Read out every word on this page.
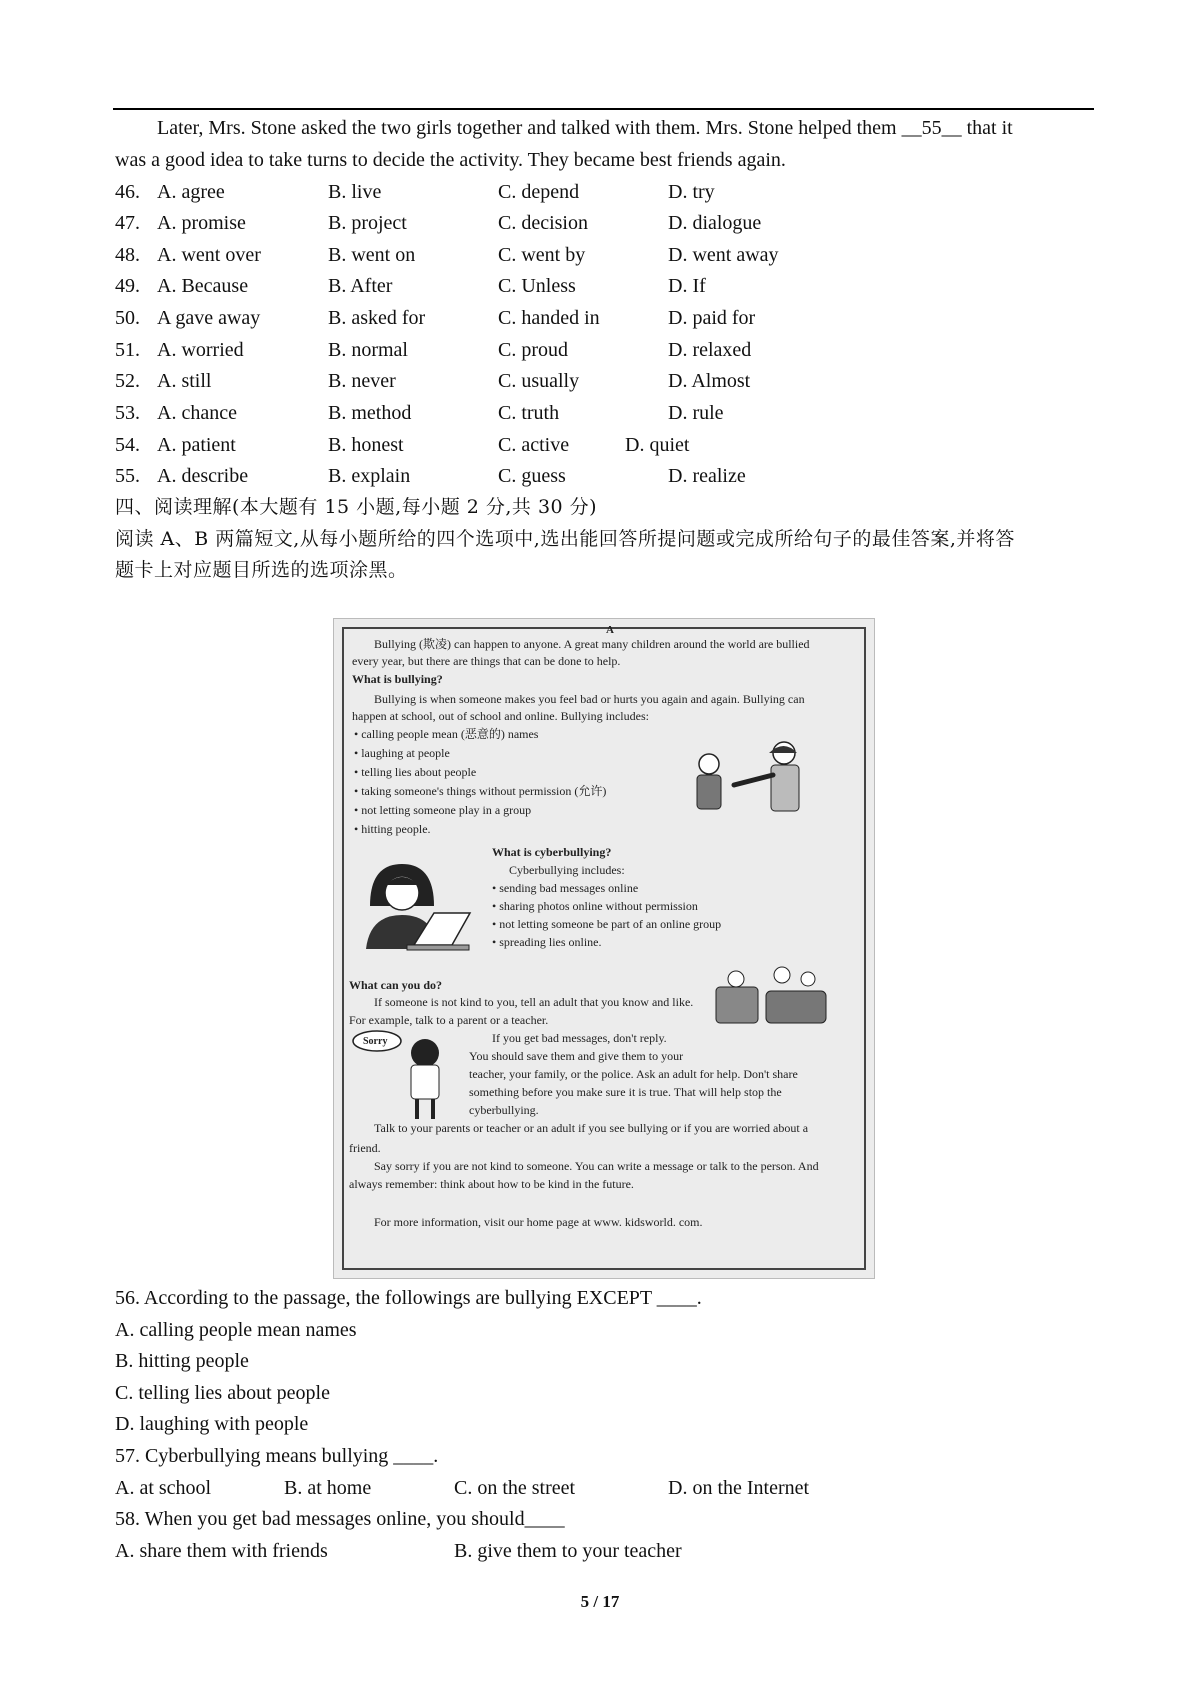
Later, Mrs. Stone asked the two girls together and talked with them. Mrs. Stone helped them __55__ that it
was a good idea to take turns to decide the activity. They became best friends again.
46. A. agree	B. live	C. depend	D. try
47. A. promise	B. project	C. decision	D. dialogue
48. A. went over	B. went on	C. went by	D. went away
49. A. Because	B. After	C. Unless	D. If
50. A gave away	B. asked for	C. handed in	D. paid for
51. A. worried	B. normal	C. proud	D. relaxed
52. A. still	B. never	C. usually	D. Almost
53. A. chance	B. method	C. truth	D. rule
54. A. patient	B. honest	C. active	D. quiet
55. A. describe	B. explain	C. guess	D. realize
四、阅读理解(本大题有 15 小题,每小题 2 分,共 30 分)
阅读 A、B 两篇短文,从每小题所给的四个选项中,选出能回答所提问题或完成所给句子的最佳答案,并将答
题卡上对应题目所选的选项涂黑。
A
Bullying (欺凌) can happen to anyone. A great many children around the world are bullied
every year, but there are things that can be done to help.
What is bullying?
Bullying is when someone makes you feel bad or hurts you again and again. Bullying can
happen at school, out of school and online. Bullying includes:
• calling people mean (恶意的) names
• laughing at people
• telling lies about people
• taking someone's things without permission (允许)
• not letting someone play in a group
• hitting people.
What is cyberbullying?
Cyberbullying includes:
• sending bad messages online
• sharing photos online without permission
• not letting someone be part of an online group
• spreading lies online.
What can you do?
If someone is not kind to you, tell an adult that you know and like.
For example, talk to a parent or a teacher.
Sorry	If you get bad messages, don't reply.
You should save them and give them to your
teacher, your family, or the police. Ask an adult for help. Don't share
something before you make sure it is true. That will help stop the
cyberbullying.
Talk to your parents or teacher or an adult if you see bullying or if you are worried about a
friend.
Say sorry if you are not kind to someone. You can write a message or talk to the person. And
always remember: think about how to be kind in the future.
For more information, visit our home page at www. kidsworld. com.
56. According to the passage, the followings are bullying EXCEPT ____.
A. calling people mean names
B. hitting people
C. telling lies about people
D. laughing with people
57. Cyberbullying means bullying ____.
A. at school	B. at home	C. on the street	D. on the Internet
58. When you get bad messages online, you should____
A. share them with friends	B. give them to your teacher
5 / 17
